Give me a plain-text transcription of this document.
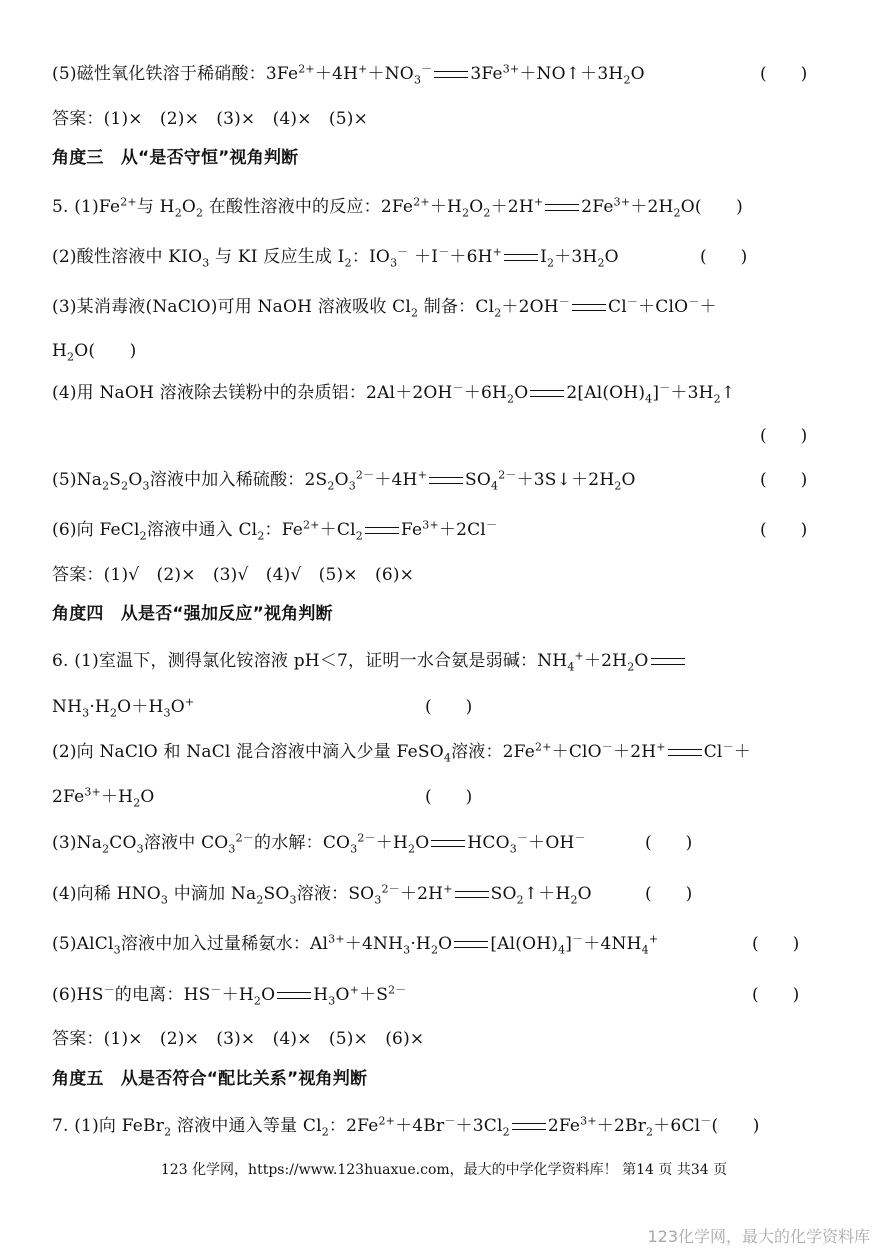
(5)磁性氧化铁溶于稀硝酸：$3Fe^{2+}+4H^++NO_3^-$ $3Fe^{3+}+NO↑+3H_2O$	(　　)
答案：(1)×　(2)×　(3)×　(4)×　(5)×
角度三　从“是否守恒”视角判断
5. $(1)Fe^{2+}$与 $H_2O_2$ 在酸性溶液中的反应：$2Fe^{2+}+H_2O_2+2H^+$ $2Fe^{3+}+2H_2O$(　　)
(2)酸性溶液中 $KIO_3$ 与 KI 反应生成 $I_2$：$IO_3^- +I^-+6H^+$ $I_2+3H_2O$	(　　)
(3)某消毒液(NaClO)可用 NaOH 溶液吸收 $Cl_2$ 制备：$Cl_2+2OH^-$ Cl－＋ClO－＋
$H_2O$(　　)
(4)用 NaOH 溶液除去镁粉中的杂质铝：$2Al+2OH^-+6H_2O$ $2[Al(OH)_4]^-+3H_2↑$
(　　)
$(5)Na_2S_2O_3$溶液中加入稀硫酸：$2S_2O_3^{2-}+4H^+$ $SO_4^{2-}+3S↓+2H_2O$	(　　)
(6)向 FeCl$_2$溶液中通入 $Cl_2$：$Fe^{2+}+Cl_2$ $Fe^{3+}+2Cl^-$	(　　)
答案：(1)√　(2)×　(3)√　(4)√　(5)×　(6)×
角度四　从是否“强加反应”视角判断
6. (1)室温下，测得氯化铵溶液 pH＜7，证明一水合氨是弱碱：$NH_4^++2H_2O$
$NH_3\cdot H_2O+H_3O^+$	(　　)
(2)向 NaClO 和 NaCl 混合溶液中滴入少量 FeSO$_4$溶液：$2Fe^{2+}+ClO^-+2H^+$ Cl－＋
$2Fe^{3+}+H_2O$	(　　)
$(3)Na_2CO_3$溶液中 $CO_3^{2-}$的水解：$CO_3^{2-}+H_2O$ $HCO_3^-+OH^-$	(　　)
(4)向稀 $HNO_3$ 中滴加 $Na_2SO_3$溶液：$SO_3^{2-}+2H^+$ $SO_2↑+H_2O$	(　　)
(5)AlCl$_3$溶液中加入过量稀氨水：$Al^{3+}+4NH_3\cdot H_2O$ $[Al(OH)_4]^-+4NH_4^+$	(　　)
(6)HS－的电离：$HS^-+H_2O$ $H_3O^++S^{2-}$	(　　)
答案：(1)×　(2)×　(3)×　(4)×　(5)×　(6)×
角度五　从是否符合“配比关系”视角判断
7. (1)向 FeBr$_2$ 溶液中通入等量 $Cl_2$：$2Fe^{2+}+4Br^-+3Cl_2$ $2Fe^{3+}+2Br_2+6Cl^-$(　　)
123 化学网，https://www.123huaxue.com，最大的中学化学资料库！ 第14 页 共34 页
123化学网，最大的化学资料库
